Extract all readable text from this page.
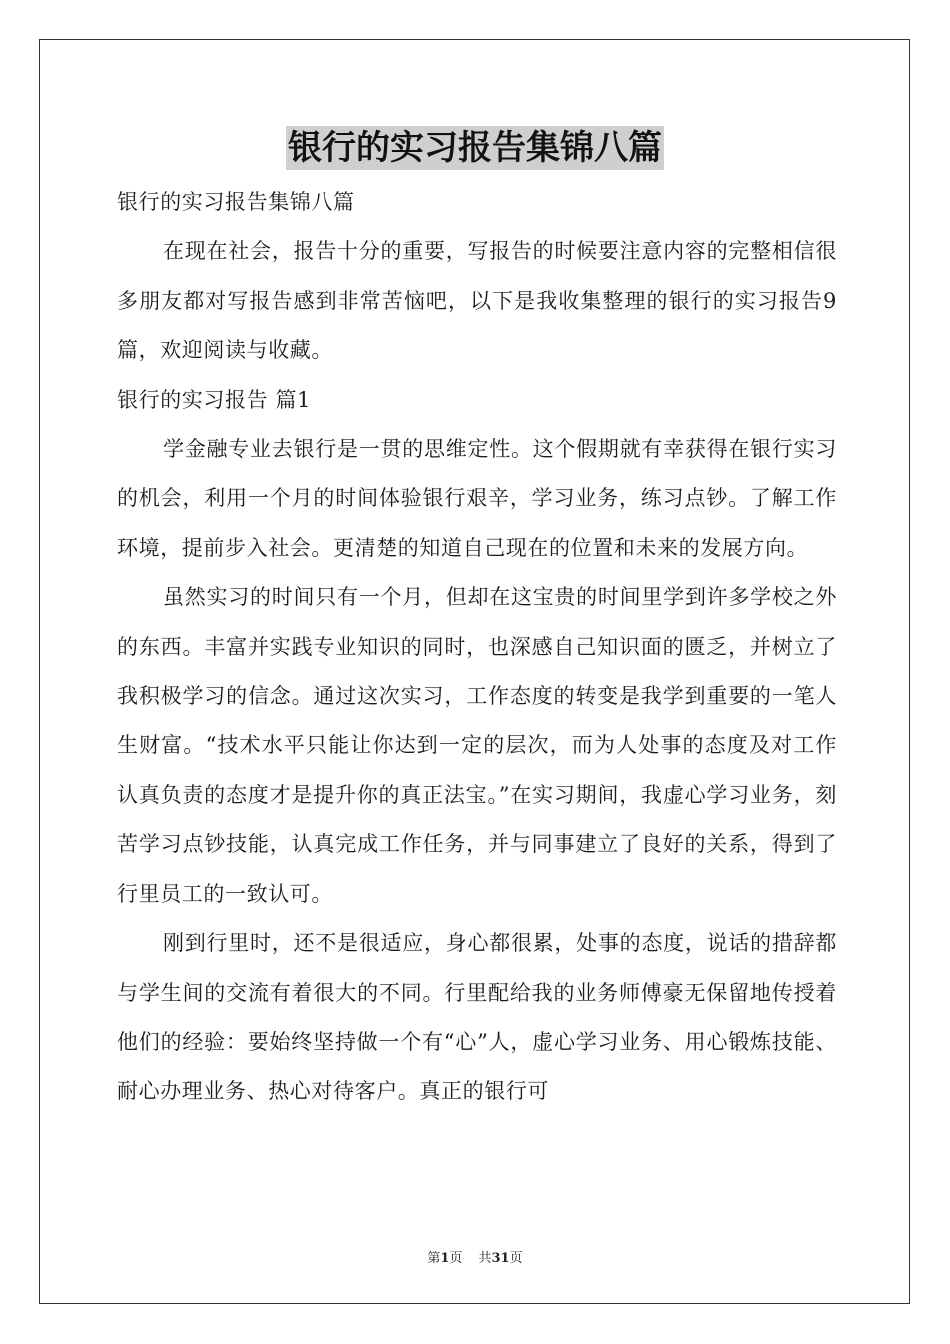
银行的实习报告集锦八篇

银行的实习报告集锦八篇

在现在社会，报告十分的重要，写报告的时候要注意内容的完整相信很多朋友都对写报告感到非常苦恼吧，以下是我收集整理的银行的实习报告9篇，欢迎阅读与收藏。

银行的实习报告 篇1

学金融专业去银行是一贯的思维定性。这个假期就有幸获得在银行实习的机会，利用一个月的时间体验银行艰辛，学习业务，练习点钞。了解工作环境，提前步入社会。更清楚的知道自己现在的位置和未来的发展方向。

虽然实习的时间只有一个月，但却在这宝贵的时间里学到许多学校之外的东西。丰富并实践专业知识的同时，也深感自己知识面的匮乏，并树立了我积极学习的信念。通过这次实习，工作态度的转变是我学到重要的一笔人生财富。“技术水平只能让你达到一定的层次，而为人处事的态度及对工作认真负责的态度才是提升你的真正法宝。”在实习期间，我虚心学习业务，刻苦学习点钞技能，认真完成工作任务，并与同事建立了良好的关系，得到了行里员工的一致认可。

刚到行里时，还不是很适应，身心都很累，处事的态度，说话的措辞都与学生间的交流有着很大的不同。行里配给我的业务师傅豪无保留地传授着他们的经验：要始终坚持做一个有“心”人，虚心学习业务、用心锻炼技能、耐心办理业务、热心对待客户。真正的银行可

第1页 共31页
